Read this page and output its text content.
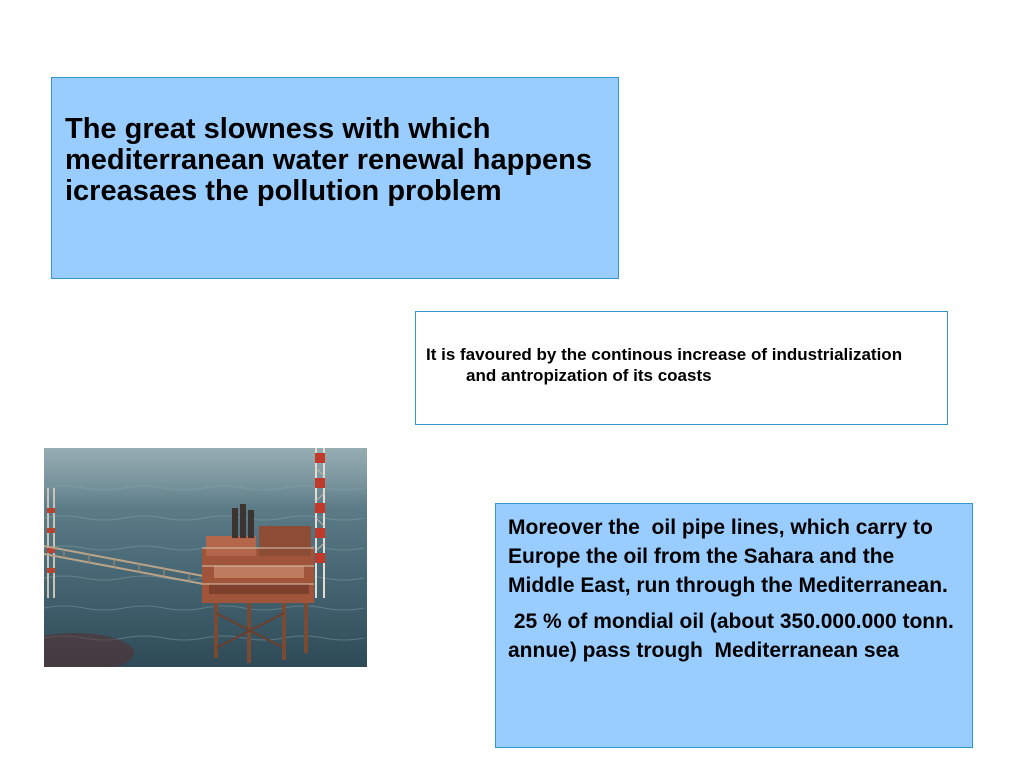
The great slowness with which mediterranean water renewal happens icreasaes the pollution problem
It is favoured by the continous increase of industrialization and antropization of its coasts
Moreover the  oil pipe lines, which carry to Europe the oil from the Sahara and the Middle East, run through the Mediterranean.
25 % of mondial oil (about 350.000.000 tonn. annue) pass trough  Mediterranean sea
